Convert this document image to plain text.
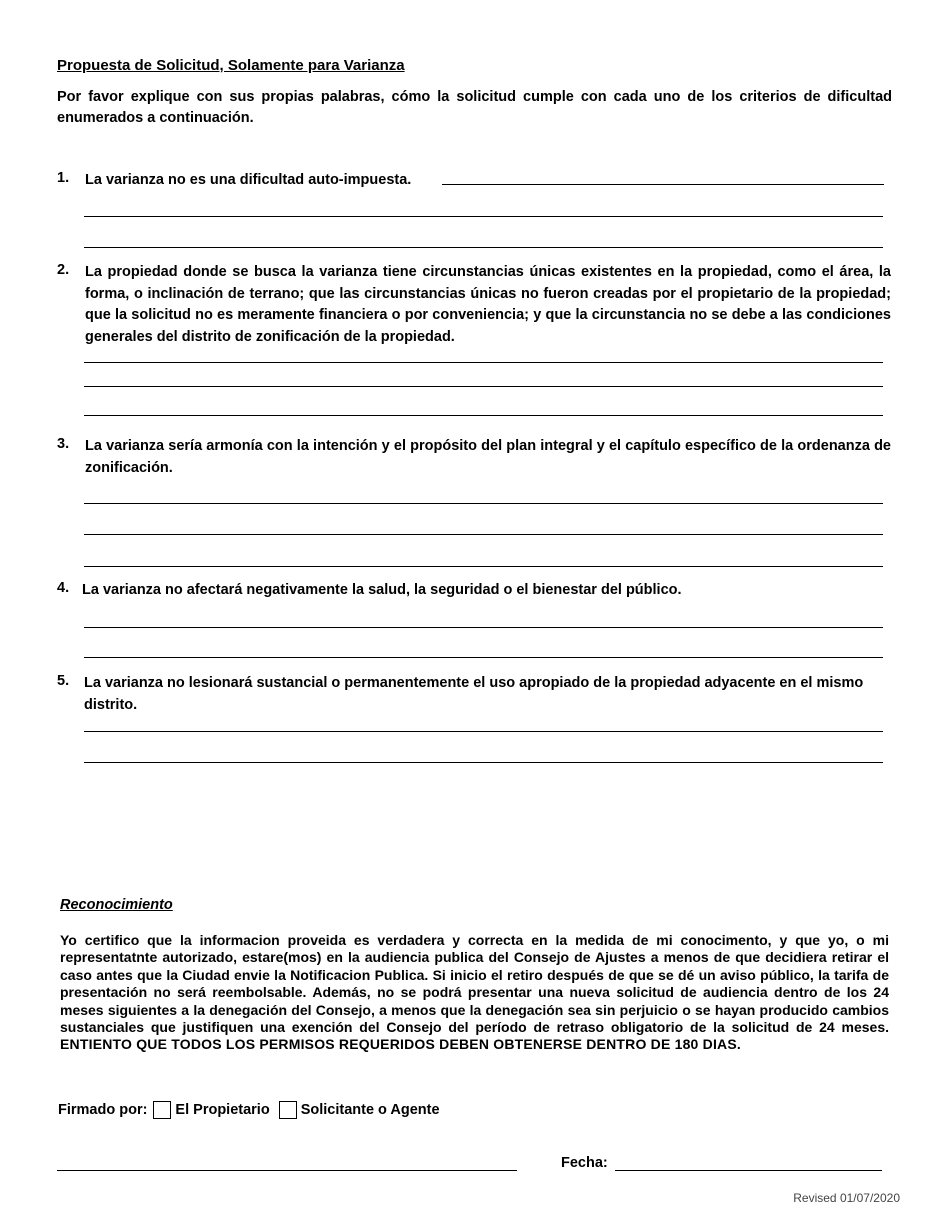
Propuesta de Solicitud, Solamente para Varianza
Por favor explique con sus propias palabras, cómo la solicitud cumple con cada uno de los criterios de dificultad enumerados a continuación.
1. La varianza no es una dificultad auto-impuesta.
2. La propiedad donde se busca la varianza tiene circunstancias únicas existentes en la propiedad, como el área, la forma, o inclinación de terrano; que las circunstancias únicas no fueron creadas por el propietario de la propiedad; que la solicitud no es meramente financiera o por conveniencia; y que la circunstancia no se debe a las condiciones generales del distrito de zonificación de la propiedad.
3. La varianza sería armonía con la intención y el propósito del plan integral y el capítulo específico de la ordenanza de zonificación.
4. La varianza no afectará negativamente la salud, la seguridad o el bienestar del público.
5. La varianza no lesionará sustancial o permanentemente el uso apropiado de la propiedad adyacente en el mismo distrito.
Reconocimiento
Yo certifico que la informacion proveida es verdadera y correcta en la medida de mi conocimento, y que yo, o mi representatnte autorizado, estare(mos) en la audiencia publica del Consejo de Ajustes a menos de que decidiera retirar el caso antes que la Ciudad envie la Notificacion Publica. Si inicio el retiro después de que se dé un aviso público, la tarifa de presentación no será reembolsable. Además, no se podrá presentar una nueva solicitud de audiencia dentro de los 24 meses siguientes a la denegación del Consejo, a menos que la denegación sea sin perjuicio o se hayan producido cambios sustanciales que justifiquen una exención del Consejo del período de retraso obligatorio de la solicitud de 24 meses. ENTIENTO QUE TODOS LOS PERMISOS REQUERIDOS DEBEN OBTENERSE DENTRO DE 180 DIAS.
Firmado por: El Propietario Solicitante o Agente
Fecha:
Revised 01/07/2020
